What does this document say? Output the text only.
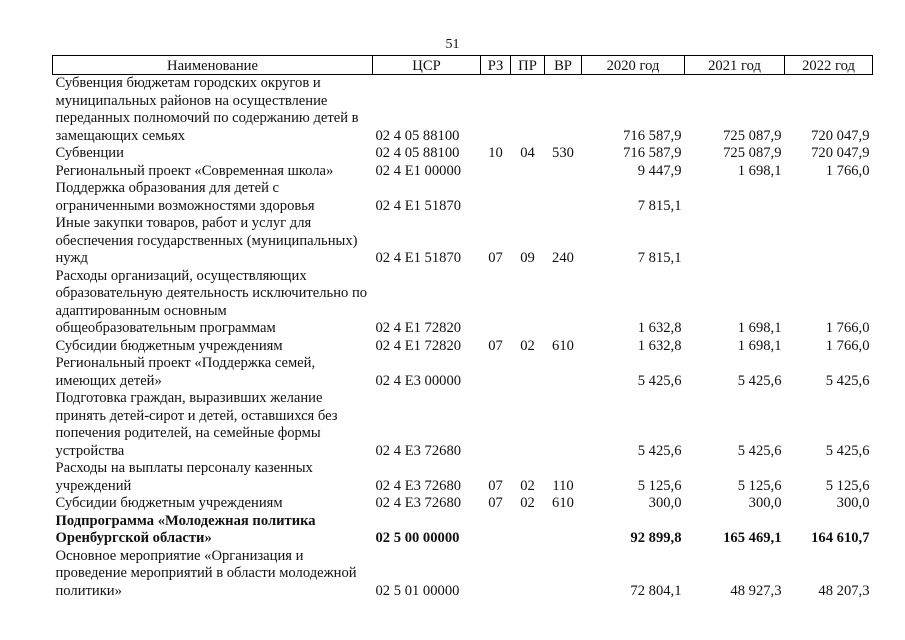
51
Наименование	ЦСР	РЗ	ПР	ВР	2020 год	2021 год	2022 год
Субвенция бюджетам городских округов и муниципальных районов на осуществление переданных полномочий по содержанию детей в замещающих семьях	02 4 05 88100				716 587,9	725 087,9	720 047,9
Субвенции	02 4 05 88100	10	04	530	716 587,9	725 087,9	720 047,9
Региональный проект «Современная школа»	02 4 Е1 00000				9 447,9	1 698,1	1 766,0
Поддержка образования для детей с ограниченными возможностями здоровья	02 4 Е1 51870				7 815,1		
Иные закупки товаров, работ и услуг для обеспечения государственных (муниципальных) нужд	02 4 Е1 51870	07	09	240	7 815,1		
Расходы организаций, осуществляющих образовательную деятельность исключительно по адаптированным основным общеобразовательным программам	02 4 Е1 72820				1 632,8	1 698,1	1 766,0
Субсидии бюджетным учреждениям	02 4 Е1 72820	07	02	610	1 632,8	1 698,1	1 766,0
Региональный проект «Поддержка семей, имеющих детей»	02 4 Е3 00000				5 425,6	5 425,6	5 425,6
Подготовка граждан, выразивших желание принять детей-сирот и детей, оставшихся без попечения родителей, на семейные формы устройства	02 4 Е3 72680				5 425,6	5 425,6	5 425,6
Расходы на выплаты персоналу казенных учреждений	02 4 Е3 72680	07	02	110	5 125,6	5 125,6	5 125,6
Субсидии бюджетным учреждениям	02 4 Е3 72680	07	02	610	300,0	300,0	300,0
Подпрограмма «Молодежная политика Оренбургской области»	02 5 00 00000				92 899,8	165 469,1	164 610,7
Основное мероприятие «Организация и проведение мероприятий в области молодежной политики»	02 5 01 00000				72 804,1	48 927,3	48 207,3
